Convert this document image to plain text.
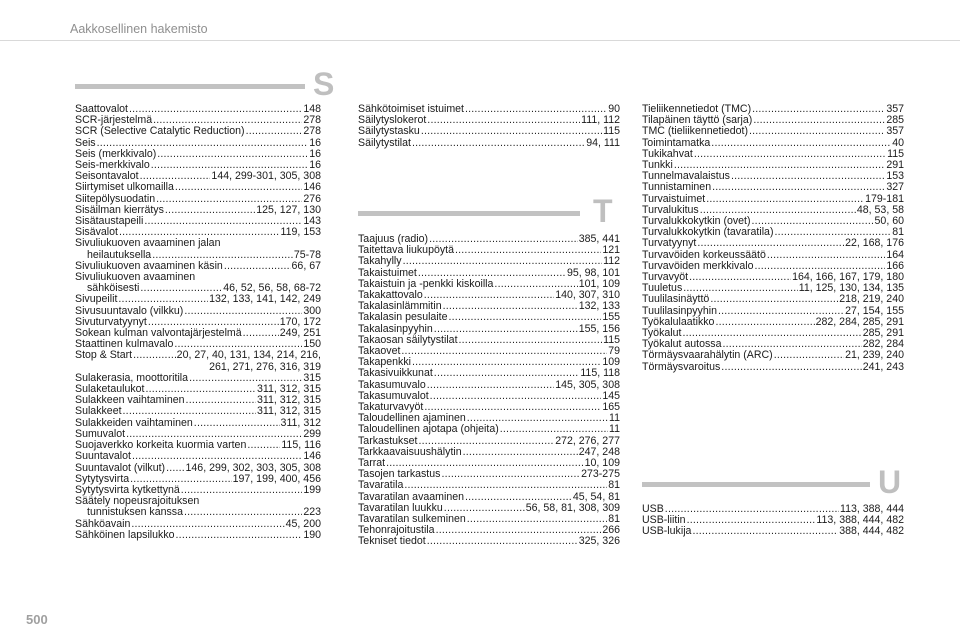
Aakkosellinen hakemisto
S
Saattovalot .....	148
SCR-järjestelmä .....	278
SCR (Selective Catalytic Reduction) .....	278
Seis .....	16
Seis (merkkivalo) .....	16
Seis-merkkivalo .....	16
Seisontavalot .....	144, 299-301, 305, 308
Siirtymiset ulkomailla .....	146
Siitepölysuodatin .....	276
Sisäilman kierrätys .....	125, 127, 130
Sisätaustapeili .....	143
Sisävalot .....	119, 153
Sivuliukuoven avaaminen jalan
heilautuksella .....	75-78
Sivuliukuoven avaaminen käsin .....	66, 67
Sivuliukuoven avaaminen
sähköisesti .....	46, 52, 56, 58, 68-72
Sivupeilit .....	132, 133, 141, 142, 249
Sivusuuntavalo (vilkku) .....	300
Sivuturvatyynyt .....	170, 172
Sokean kulman valvontajärjestelmä .....	249, 251
Staattinen kulmavalo .....	150
Stop & Start .....	20, 27, 40, 131, 134, 214, 216,
261, 271, 276, 316, 319
Sulakerasia, moottoritila .....	315
Sulaketaulukot .....	311, 312, 315
Sulakkeen vaihtaminen .....	311, 312, 315
Sulakkeet .....	311, 312, 315
Sulakkeiden vaihtaminen .....	311, 312
Sumuvalot .....	299
Suojaverkko korkeita kuormia varten .....	115, 116
Suuntavalot .....	146
Suuntavalot (vilkut) ..... 146, 299, 302, 303, 305, 308
Sytytysvirta .....	197, 199, 400, 456
Sytytysvirta kytkettynä .....	199
Säätely nopeusrajoituksen
tunnistuksen kanssa .....	223
Sähköavain .....	45, 200
Sähköinen lapsilukko .....	190
Sähkötoimiset istuimet .....	90
Säilytyslokerot .....	111, 112
Säilytystasku .....	115
Säilytystilat .....	94, 111
T
Taajuus (radio) .....	385, 441
Taitettava liukupöytä .....	121
Takahylly .....	112
Takaistuimet .....	95, 98, 101
Takaistuin ja -penkki kiskoilla .....	101, 109
Takakattovalo .....	140, 307, 310
Takalasinlämmitin .....	132, 133
Takalasin pesulaite .....	155
Takalasinpyyhin .....	155, 156
Takaosan säilytystilat .....	115
Takaovet .....	79
Takapenkki .....	109
Takasivuikkunat .....	115, 118
Takasumuvalo .....	145, 305, 308
Takasumuvalot .....	145
Takaturvavyöt .....	165
Taloudellinen ajaminen .....	11
Taloudellinen ajotapa (ohjeita) .....	11
Tarkastukset .....	272, 276, 277
Tarkkaavaisuushälytin .....	247, 248
Tarrat .....	10, 109
Tasojen tarkastus .....	273-275
Tavaratila .....	81
Tavaratilan avaaminen .....	45, 54, 81
Tavaratilan luukku .....	56, 58, 81, 308, 309
Tavaratilan sulkeminen .....	81
Tehonrajoitustila .....	266
Tekniset tiedot .....	325, 326
Tieliikennetiedot (TMC) .....	357
Tilapäinen täyttö (sarja) .....	285
TMC (tieliikennetiedot) .....	357
Toimintamatka .....	40
Tukikahvat .....	115
Tunkki .....	291
Tunnelmavalaistus .....	153
Tunnistaminen .....	327
Turvaistuimet .....	179-181
Turvalukitus .....	48, 53, 58
Turvalukkokytkin (ovet) .....	50, 60
Turvalukkokytkin (tavaratila) .....	81
Turvatyynyt .....	22, 168, 176
Turvavöiden korkeussäätö .....	164
Turvavöiden merkkivalo .....	166
Turvavyöt .....	164, 166, 167, 179, 180
Tuuletus .....	11, 125, 130, 134, 135
Tuulilasinäyttö .....	218, 219, 240
Tuulilasinpyyhin .....	27, 154, 155
Työkalulaatikko .....	282, 284, 285, 291
Työkalut .....	285, 291
Työkalut autossa .....	282, 284
Törmäysvaarahälytin (ARC) .....	21, 239, 240
Törmäysvaroitus .....	241, 243
U
USB .....	113, 388, 444
USB-liitin .....	113, 388, 444, 482
USB-lukija .....	388, 444, 482
500
